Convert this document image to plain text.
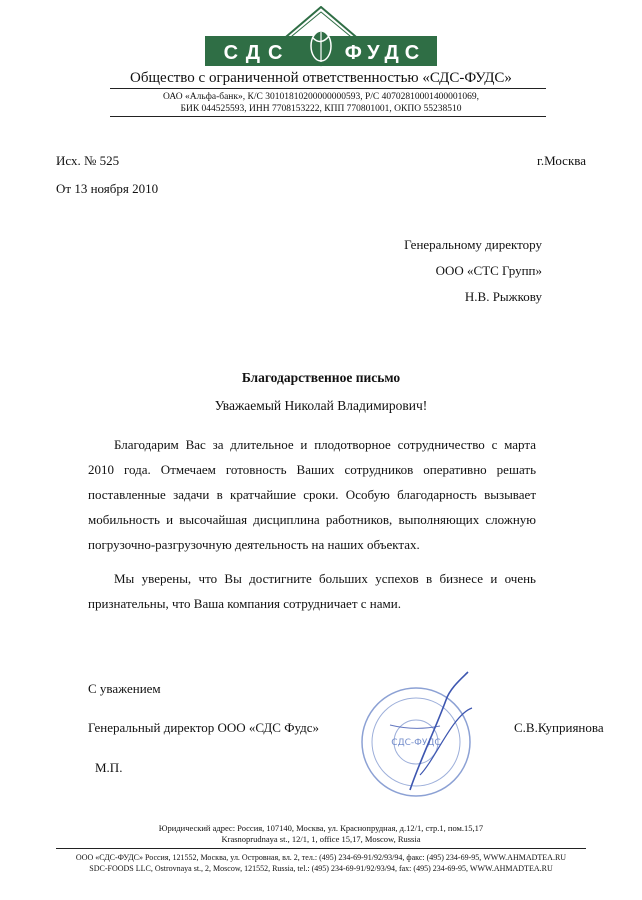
СДС	ФУДС
Общество с ограниченной ответственностью «СДС-ФУДС»
ОАО «Альфа-банк», К/С 30101810200000000593, Р/С 40702810001400001069,
БИК 044525593, ИНН 7708153222, КПП 770801001, ОКПО 55238510
Исх. № 525	г.Москва
От 13 ноября 2010
Генеральному директору
ООО «СТС Групп»
Н.В. Рыжкову
Благодарственное письмо
Уважаемый Николай Владимирович!
Благодарим Вас за длительное и плодотворное сотрудничество с марта 2010 года. Отмечаем готовность Ваших сотрудников оперативно решать поставленные задачи в кратчайшие сроки. Особую благодарность вызывает мобильность и высочайшая дисциплина работников, выполняющих сложную погрузочно-разгрузочную деятельность на наших объектах.
Мы уверены, что Вы достигните больших успехов в бизнесе и очень признательны, что Ваша компания сотрудничает с нами.
С уважением
Генеральный директор ООО «СДС Фудс»	С.В.Куприянова
М.П.
СДС-ФУДС
Юридический адрес: Россия, 107140, Москва, ул. Краснопрудная, д.12/1, стр.1, пом.15,17
Krasnoprudnaya st., 12/1, 1, office 15,17, Moscow, Russia
ООО «СДС-ФУДС» Россия, 121552, Москва, ул. Островная, вл. 2, тел.: (495) 234-69-91/92/93/94, факс: (495) 234-69-95, WWW.AHMADTEA.RU
SDC-FOODS LLC, Ostrovnaya st., 2, Moscow, 121552, Russia, tel.: (495) 234-69-91/92/93/94, fax: (495) 234-69-95, WWW.AHMADTEA.RU
